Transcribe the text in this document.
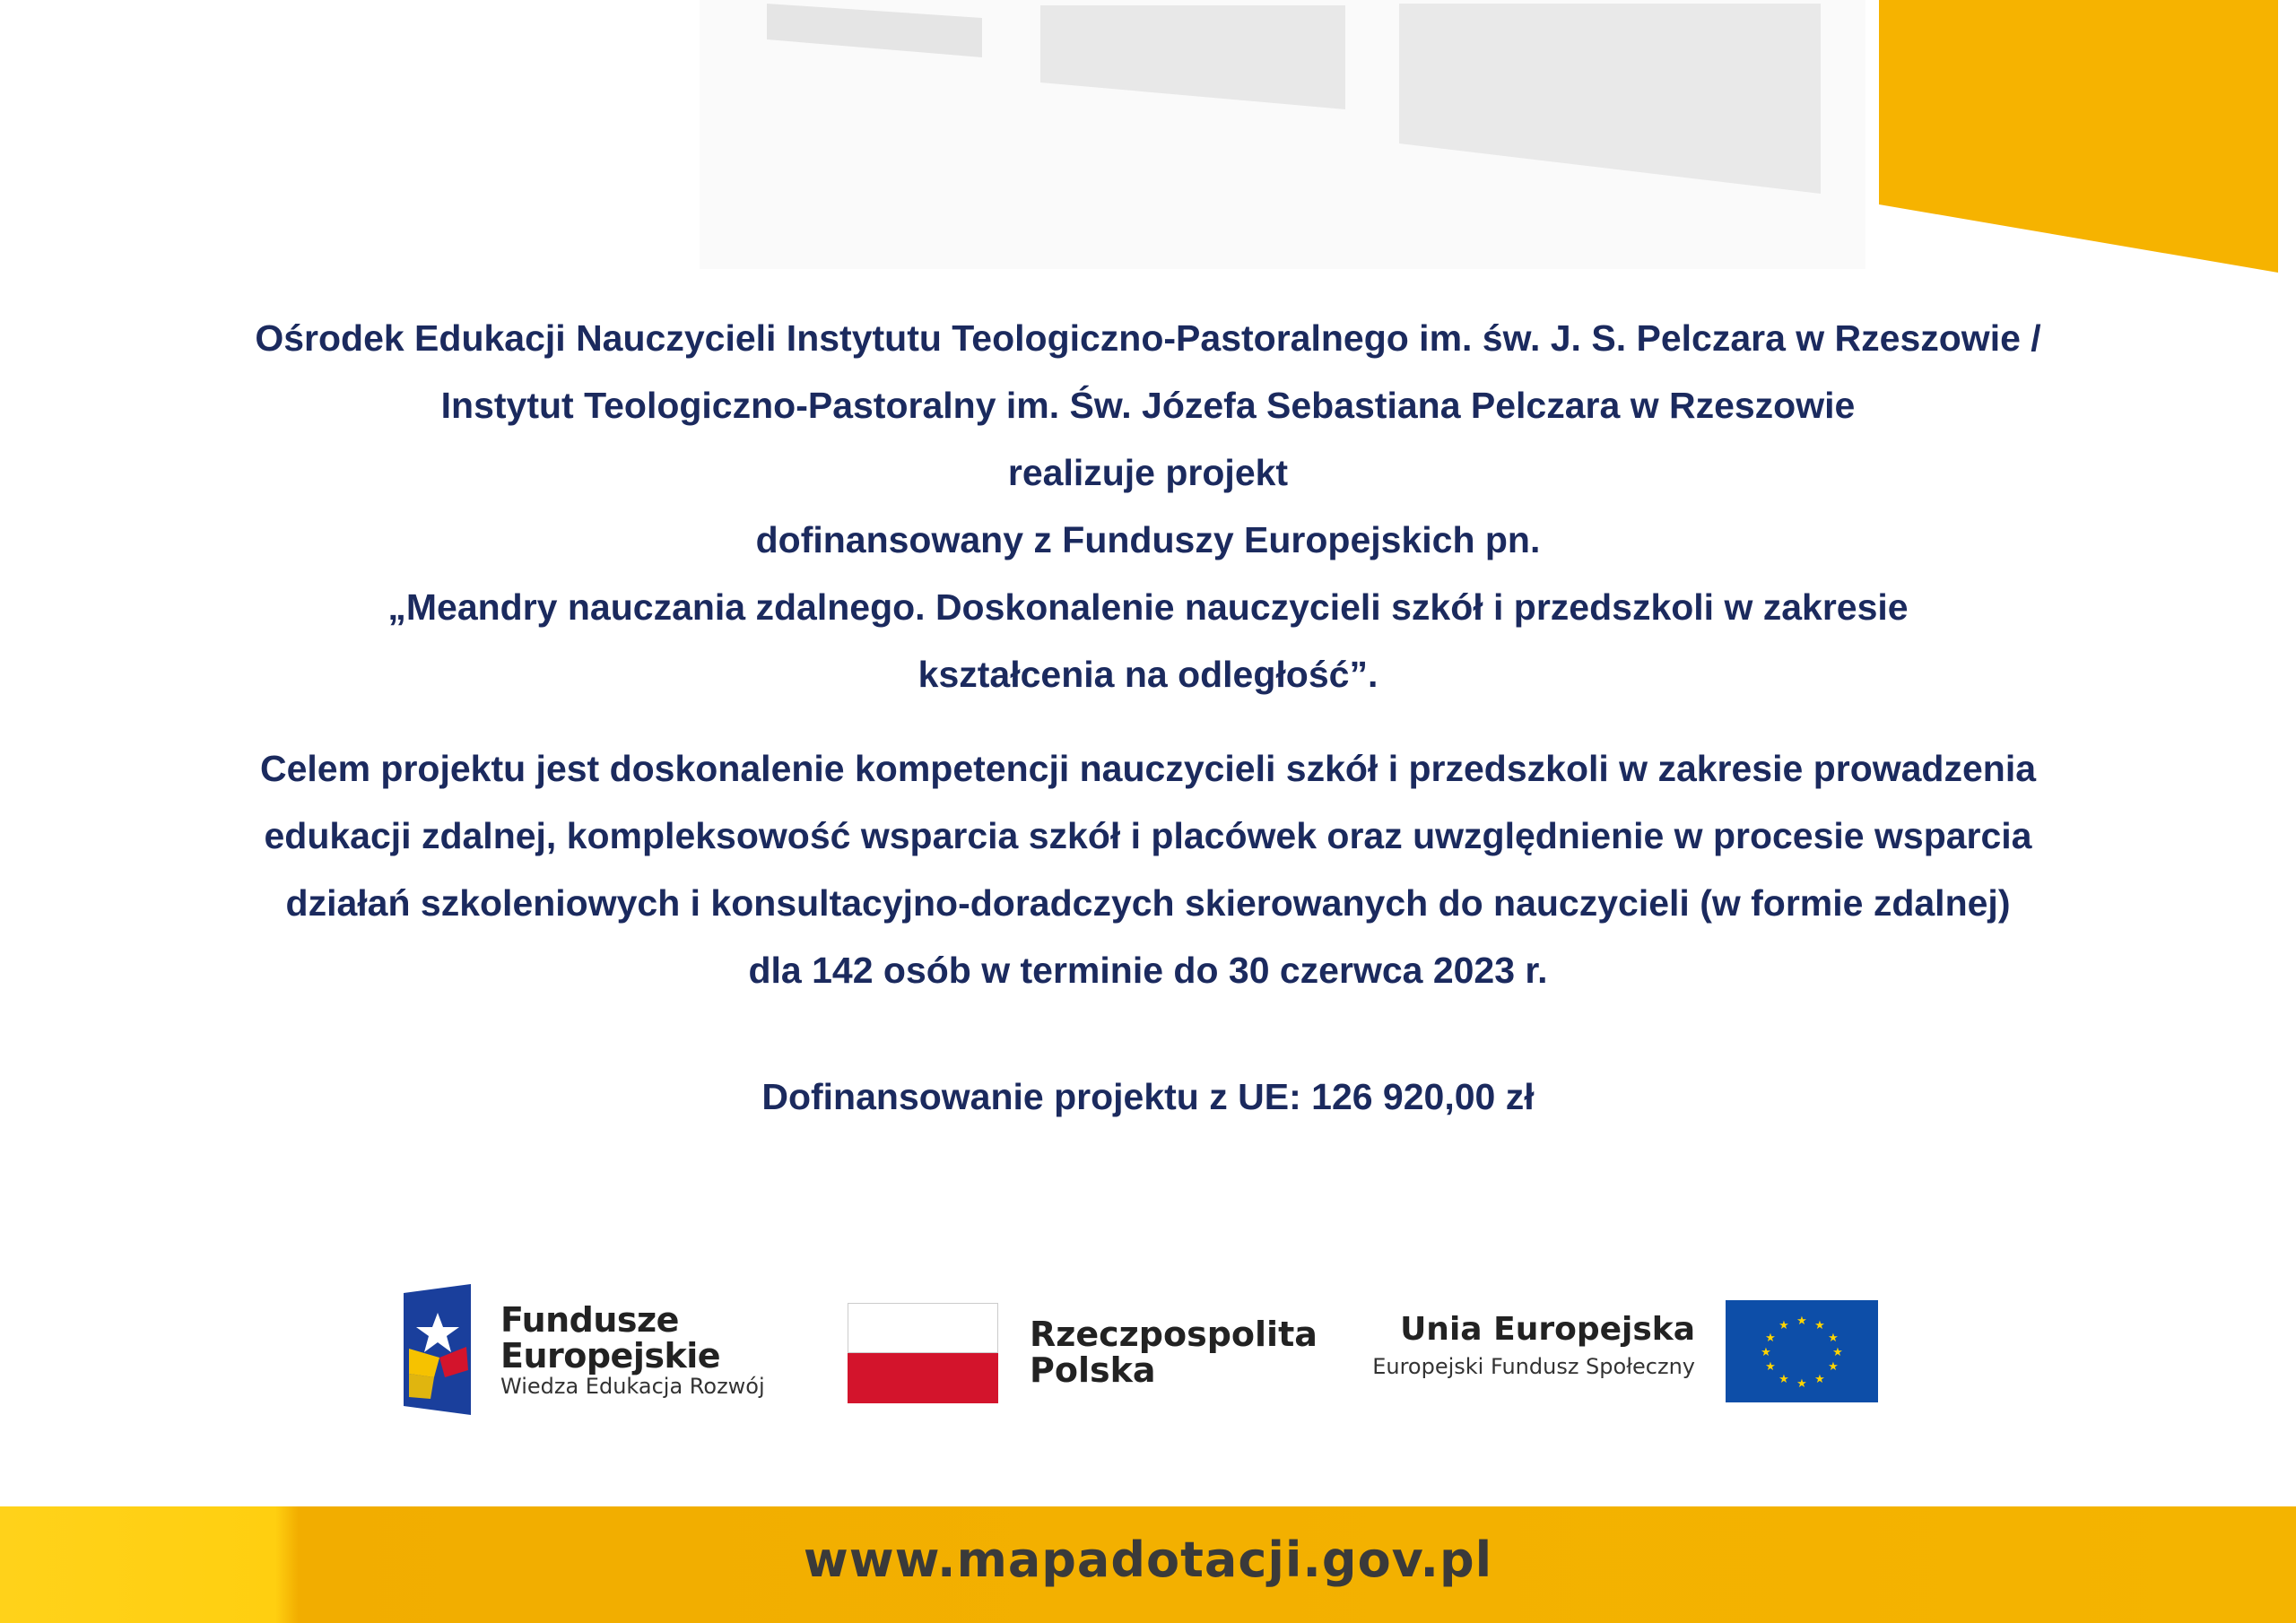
Ośrodek Edukacji Nauczycieli Instytutu Teologiczno-Pastoralnego im. św. J. S. Pelczara w Rzeszowie /

Instytut Teologiczno-Pastoralny im. Św. Józefa Sebastiana Pelczara w Rzeszowie

realizuje projekt

dofinansowany z Funduszy Europejskich pn.

„Meandry nauczania zdalnego. Doskonalenie nauczycieli szkół i przedszkoli w zakresie

kształcenia na odległość”.

Celem projektu jest doskonalenie kompetencji nauczycieli szkół i przedszkoli w zakresie prowadzenia

edukacji zdalnej, kompleksowość wsparcia szkół i placówek oraz uwzględnienie w procesie wsparcia

działań szkoleniowych i konsultacyjno-doradczych skierowanych do nauczycieli (w formie zdalnej)

dla 142 osób w terminie do 30 czerwca 2023 r.

Dofinansowanie projektu z UE: 126 920,00 zł

Fundusze
Europejskie
Wiedza Edukacja Rozwój
Rzeczpospolita
Polska
Unia Europejska
Europejski Fundusz Społeczny
★ ★
★
★
★
★
★
★
★
★
★
★
www.mapadotacji.gov.pl
